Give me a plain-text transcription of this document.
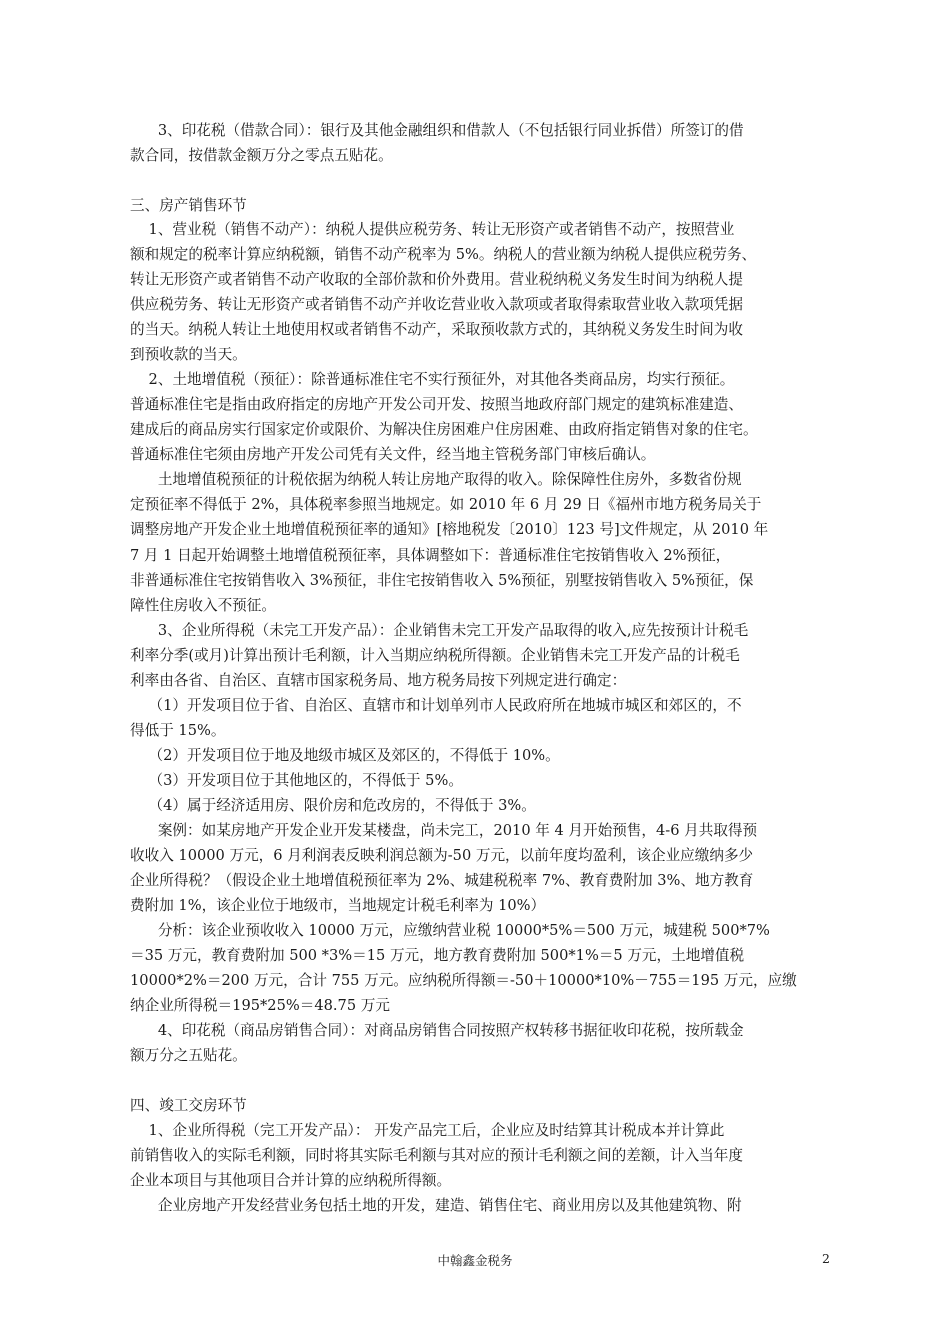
3、印花税（借款合同）：银行及其他金融组织和借款人（不包括银行同业拆借）所签订的借
款合同，按借款金额万分之零点五贴花。
三、房产销售环节
1、营业税（销售不动产）：纳税人提供应税劳务、转让无形资产或者销售不动产，按照营业
额和规定的税率计算应纳税额，销售不动产税率为 5%。纳税人的营业额为纳税人提供应税劳务、
转让无形资产或者销售不动产收取的全部价款和价外费用。营业税纳税义务发生时间为纳税人提
供应税劳务、转让无形资产或者销售不动产并收讫营业收入款项或者取得索取营业收入款项凭据
的当天。纳税人转让土地使用权或者销售不动产，采取预收款方式的，其纳税义务发生时间为收
到预收款的当天。
2、土地增值税（预征）：除普通标准住宅不实行预征外，对其他各类商品房，均实行预征。
普通标准住宅是指由政府指定的房地产开发公司开发、按照当地政府部门规定的建筑标准建造、
建成后的商品房实行国家定价或限价、为解决住房困难户住房困难、由政府指定销售对象的住宅。
普通标准住宅须由房地产开发公司凭有关文件，经当地主管税务部门审核后确认。
土地增值税预征的计税依据为纳税人转让房地产取得的收入。除保障性住房外，多数省份规
定预征率不得低于 2%，具体税率参照当地规定。如 2010 年 6 月 29 日《福州市地方税务局关于
调整房地产开发企业土地增值税预征率的通知》[榕地税发〔2010〕123 号]文件规定，从 2010 年
7 月 1 日起开始调整土地增值税预征率，具体调整如下：普通标准住宅按销售收入 2%预征，
非普通标准住宅按销售收入 3%预征，非住宅按销售收入 5%预征，别墅按销售收入 5%预征，保
障性住房收入不预征。
3、企业所得税（未完工开发产品）：企业销售未完工开发产品取得的收入,应先按预计计税毛
利率分季(或月)计算出预计毛利额，计入当期应纳税所得额。企业销售未完工开发产品的计税毛
利率由各省、自治区、直辖市国家税务局、地方税务局按下列规定进行确定：
（1）开发项目位于省、自治区、直辖市和计划单列市人民政府所在地城市城区和郊区的，不
得低于 15%。
（2）开发项目位于地及地级市城区及郊区的，不得低于 10%。
（3）开发项目位于其他地区的，不得低于 5%。
（4）属于经济适用房、限价房和危改房的，不得低于 3%。
案例：如某房地产开发企业开发某楼盘，尚未完工，2010 年 4 月开始预售，4-6 月共取得预
收收入 10000 万元，6 月利润表反映利润总额为-50 万元，以前年度均盈利，该企业应缴纳多少
企业所得税？（假设企业土地增值税预征率为 2%、城建税税率 7%、教育费附加 3%、地方教育
费附加 1%，该企业位于地级市，当地规定计税毛利率为 10%）
分析：该企业预收收入 10000 万元，应缴纳营业税 10000*5%＝500 万元，城建税 500*7%
＝35 万元，教育费附加 500 *3%＝15 万元，地方教育费附加 500*1%＝5 万元，土地增值税
10000*2%＝200 万元，合计 755 万元。应纳税所得额＝-50＋10000*10%－755＝195 万元，应缴
纳企业所得税＝195*25%＝48.75 万元
4、印花税（商品房销售合同）：对商品房销售合同按照产权转移书据征收印花税，按所载金
额万分之五贴花。
四、竣工交房环节
1、企业所得税（完工开发产品）： 开发产品完工后，企业应及时结算其计税成本并计算此
前销售收入的实际毛利额，同时将其实际毛利额与其对应的预计毛利额之间的差额，计入当年度
企业本项目与其他项目合并计算的应纳税所得额。
企业房地产开发经营业务包括土地的开发，建造、销售住宅、商业用房以及其他建筑物、附
中翰鑫金税务	2
